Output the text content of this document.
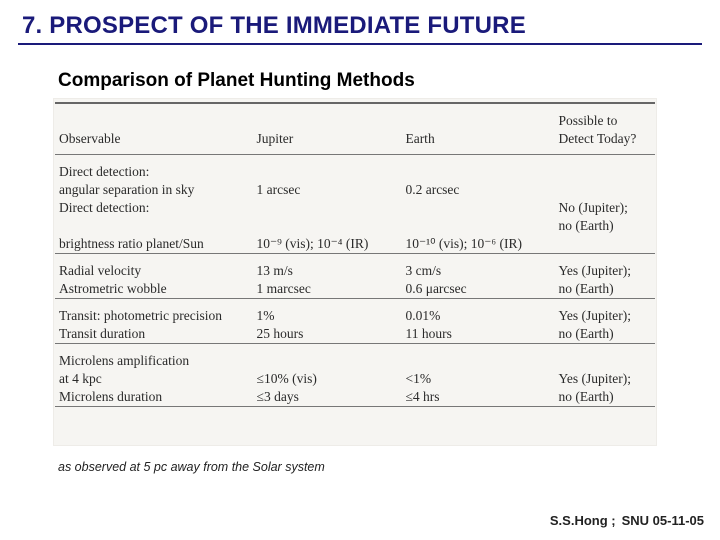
7. PROSPECT OF THE IMMEDIATE FUTURE
Comparison of Planet Hunting Methods
Observable	Jupiter	Earth	Possible to
Detect Today?

Direct detection:			
angular separation in sky	1 arcsec	0.2 arcsec	
Direct detection:			No (Jupiter);
			no (Earth)
brightness ratio planet/Sun	10⁻⁹ (vis); 10⁻⁴ (IR)	10⁻¹⁰ (vis); 10⁻⁶ (IR)	

Radial velocity	13 m/s	3 cm/s	Yes (Jupiter);
Astrometric wobble	1 marcsec	0.6 μarcsec	no (Earth)

Transit: photometric precision	1%	0.01%	Yes (Jupiter);
Transit duration	25 hours	11 hours	no (Earth)

Microlens amplification			
at 4 kpc	≤10% (vis)	<1%	Yes (Jupiter);
Microlens duration	≤3 days	≤4 hrs	no (Earth)
as observed at 5 pc away from the Solar system
S.S.Hong ; SNU 05-11-05
